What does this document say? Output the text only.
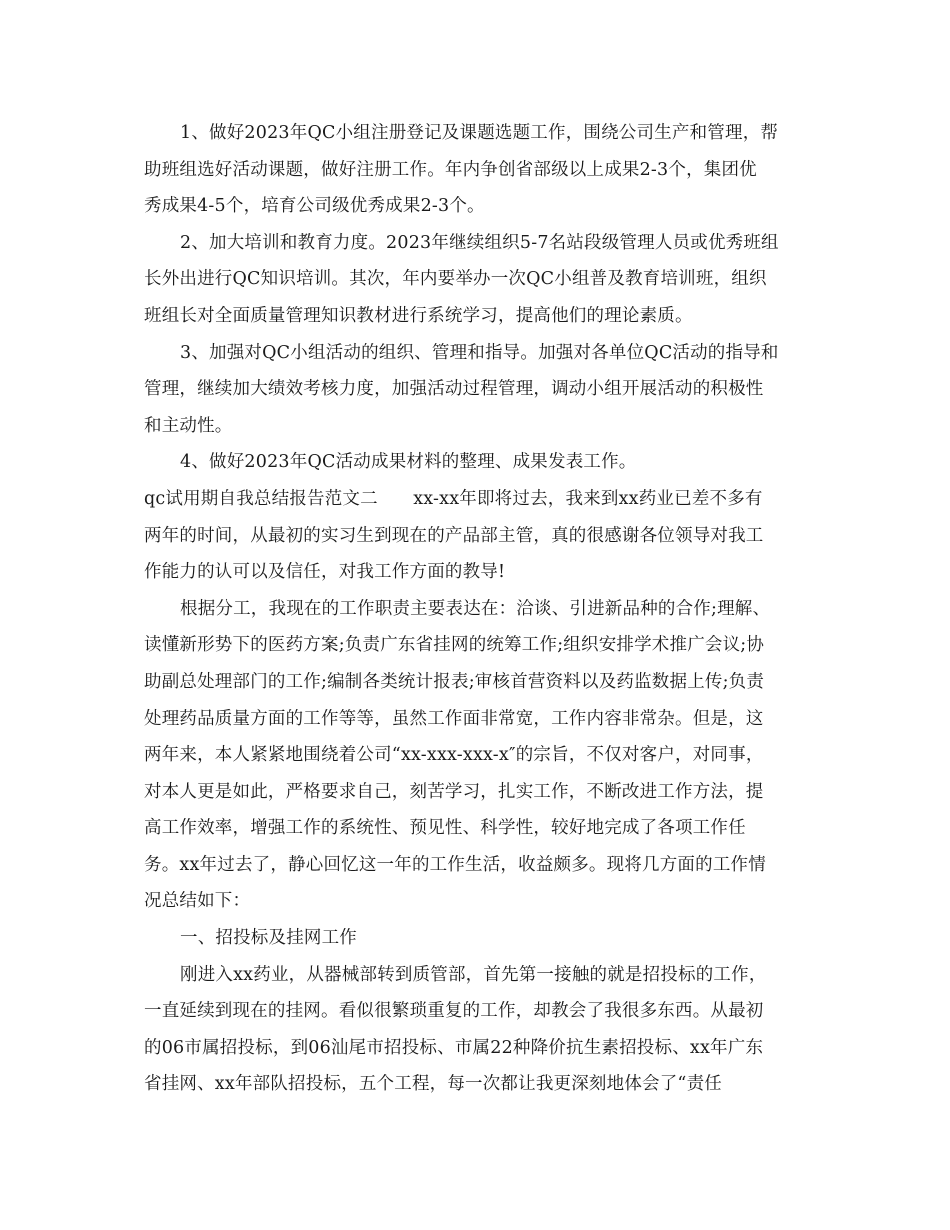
1、做好2023年QC小组注册登记及课题选题工作，围绕公司生产和管理，帮
助班组选好活动课题，做好注册工作。年内争创省部级以上成果2-3个，集团优
秀成果4-5个，培育公司级优秀成果2-3个。
2、加大培训和教育力度。2023年继续组织5-7名站段级管理人员或优秀班组
长外出进行QC知识培训。其次，年内要举办一次QC小组普及教育培训班，组织
班组长对全面质量管理知识教材进行系统学习，提高他们的理论素质。
3、加强对QC小组活动的组织、管理和指导。加强对各单位QC活动的指导和
管理，继续加大绩效考核力度，加强活动过程管理，调动小组开展活动的积极性
和主动性。
4、做好2023年QC活动成果材料的整理、成果发表工作。
qc试用期自我总结报告范文二　　xx-xx年即将过去，我来到xx药业已差不多有
两年的时间，从最初的实习生到现在的产品部主管，真的很感谢各位领导对我工
作能力的认可以及信任，对我工作方面的教导!
根据分工，我现在的工作职责主要表达在：洽谈、引进新品种的合作;理解、
读懂新形势下的医药方案;负责广东省挂网的统筹工作;组织安排学术推广会议;协
助副总处理部门的工作;编制各类统计报表;审核首营资料以及药监数据上传;负责
处理药品质量方面的工作等等，虽然工作面非常宽，工作内容非常杂。但是，这
两年来，本人紧紧地围绕着公司“xx-xxx-xxx-x″的宗旨，不仅对客户，对同事，
对本人更是如此，严格要求自己，刻苦学习，扎实工作，不断改进工作方法，提
高工作效率，增强工作的系统性、预见性、科学性，较好地完成了各项工作任
务。xx年过去了，静心回忆这一年的工作生活，收益颇多。现将几方面的工作情
况总结如下：
一、招投标及挂网工作
刚进入xx药业，从器械部转到质管部，首先第一接触的就是招投标的工作，
一直延续到现在的挂网。看似很繁琐重复的工作，却教会了我很多东西。从最初
的06市属招投标，到06汕尾市招投标、市属22种降价抗生素招投标、xx年广东
省挂网、xx年部队招投标，五个工程，每一次都让我更深刻地体会了“责任
